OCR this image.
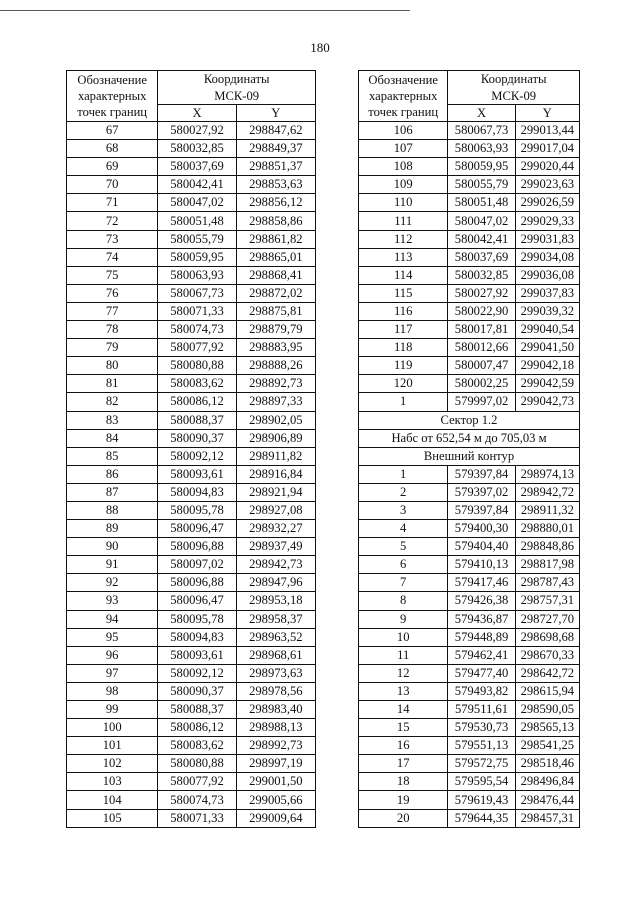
180
Обозначение
характерных
точек границ	Координаты
МСК-09	

	X	Y
67	580027,92	298847,62
68	580032,85	298849,37
69	580037,69	298851,37
70	580042,41	298853,63
71	580047,02	298856,12
72	580051,48	298858,86
73	580055,79	298861,82
74	580059,95	298865,01
75	580063,93	298868,41
76	580067,73	298872,02
77	580071,33	298875,81
78	580074,73	298879,79
79	580077,92	298883,95
80	580080,88	298888,26
81	580083,62	298892,73
82	580086,12	298897,33
83	580088,37	298902,05
84	580090,37	298906,89
85	580092,12	298911,82
86	580093,61	298916,84
87	580094,83	298921,94
88	580095,78	298927,08
89	580096,47	298932,27
90	580096,88	298937,49
91	580097,02	298942,73
92	580096,88	298947,96
93	580096,47	298953,18
94	580095,78	298958,37
95	580094,83	298963,52
96	580093,61	298968,61
97	580092,12	298973,63
98	580090,37	298978,56
99	580088,37	298983,40
100	580086,12	298988,13
101	580083,62	298992,73
102	580080,88	298997,19
103	580077,92	299001,50
104	580074,73	299005,66
105	580071,33	299009,64
Обозначение
характерных
точек границ	Координаты
МСК-09	

	X	Y
106	580067,73	299013,44
107	580063,93	299017,04
108	580059,95	299020,44
109	580055,79	299023,63
110	580051,48	299026,59
111	580047,02	299029,33
112	580042,41	299031,83
113	580037,69	299034,08
114	580032,85	299036,08
115	580027,92	299037,83
116	580022,90	299039,32
117	580017,81	299040,54
118	580012,66	299041,50
119	580007,47	299042,18
120	580002,25	299042,59
1	579997,02	299042,73
Сектор 1.2		
Набс от 652,54 м до 705,03 м		
Внешний контур		
1	579397,84	298974,13
2	579397,02	298942,72
3	579397,84	298911,32
4	579400,30	298880,01
5	579404,40	298848,86
6	579410,13	298817,98
7	579417,46	298787,43
8	579426,38	298757,31
9	579436,87	298727,70
10	579448,89	298698,68
11	579462,41	298670,33
12	579477,40	298642,72
13	579493,82	298615,94
14	579511,61	298590,05
15	579530,73	298565,13
16	579551,13	298541,25
17	579572,75	298518,46
18	579595,54	298496,84
19	579619,43	298476,44
20	579644,35	298457,31
